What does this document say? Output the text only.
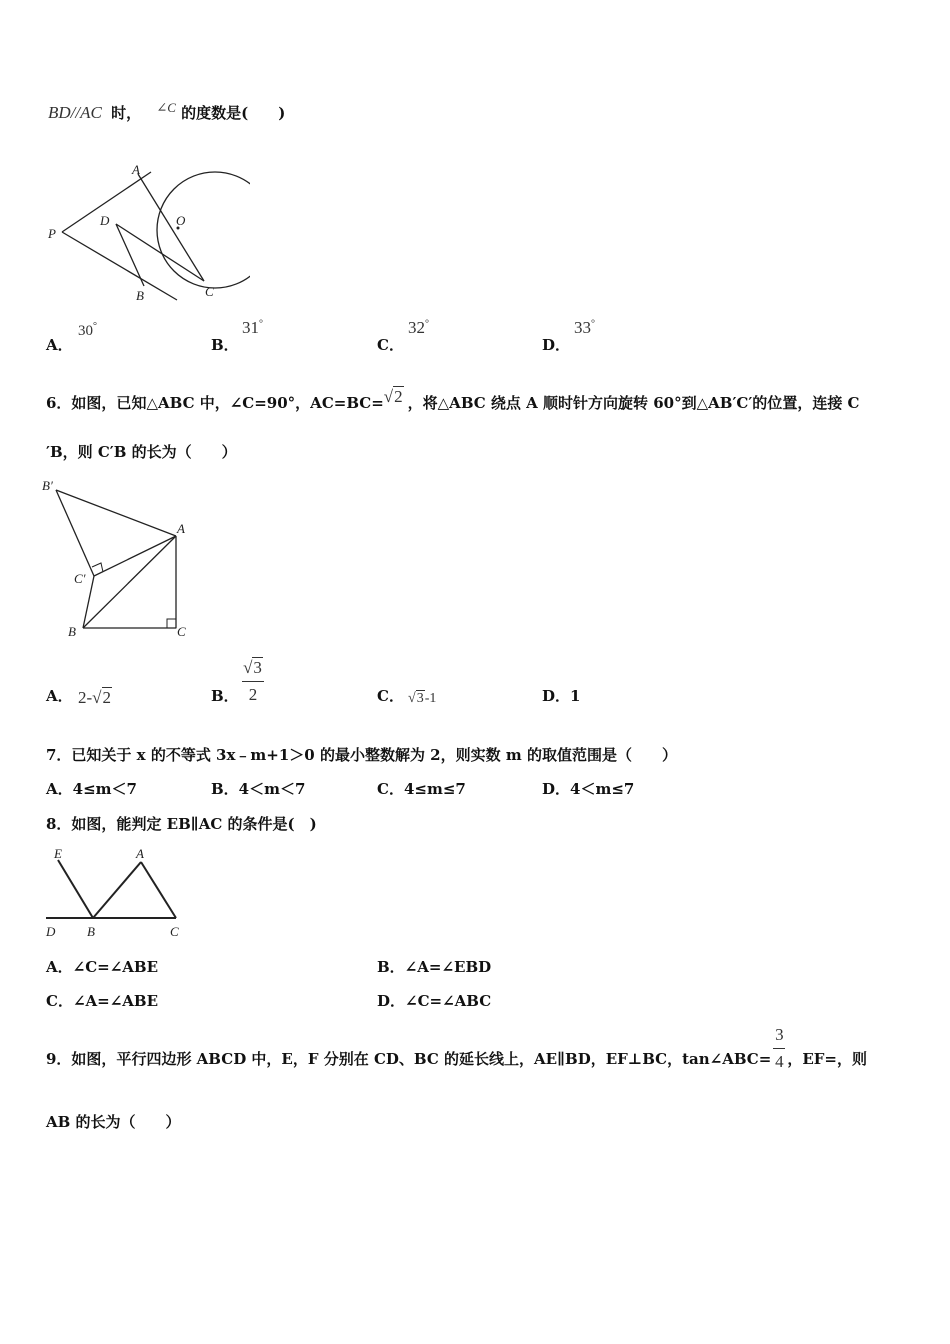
BD//AC 时， ∠C 的度数是(　　)
A
O
P
D
B	C
A．
30°
B．
31°
C．
32°
D．
33°
6．如图，已知△ABC 中，∠C=90°，AC=BC=√2 ，将△ABC 绕点 A 顺时针方向旋转 60°到△AB′C′的位置，连接 C
′B，则 C′B 的长为（　　）
B′
A
C′
B	C
A． 2-√2	B． $\frac{√3}{2}$	C． √3-1	D．1
7．已知关于 x 的不等式 3x﹣m+1＞0 的最小整数解为 2，则实数 m 的取值范围是（　　）
A．4≤m＜7	B．4＜m＜7	C．4≤m≤7	D．4＜m≤7
8．如图，能判定 EB∥AC 的条件是(　)
E	A
D B	C
A．∠C=∠ABE	B．∠A=∠EBD
C．∠A=∠ABE	D．∠C=∠ABC
9．如图，平行四边形 ABCD 中，E，F 分别在 CD、BC 的延长线上，AE∥BD，EF⊥BC，tan∠ABC= $\frac{3}{4}$ ，EF=，则
AB 的长为（　　）
